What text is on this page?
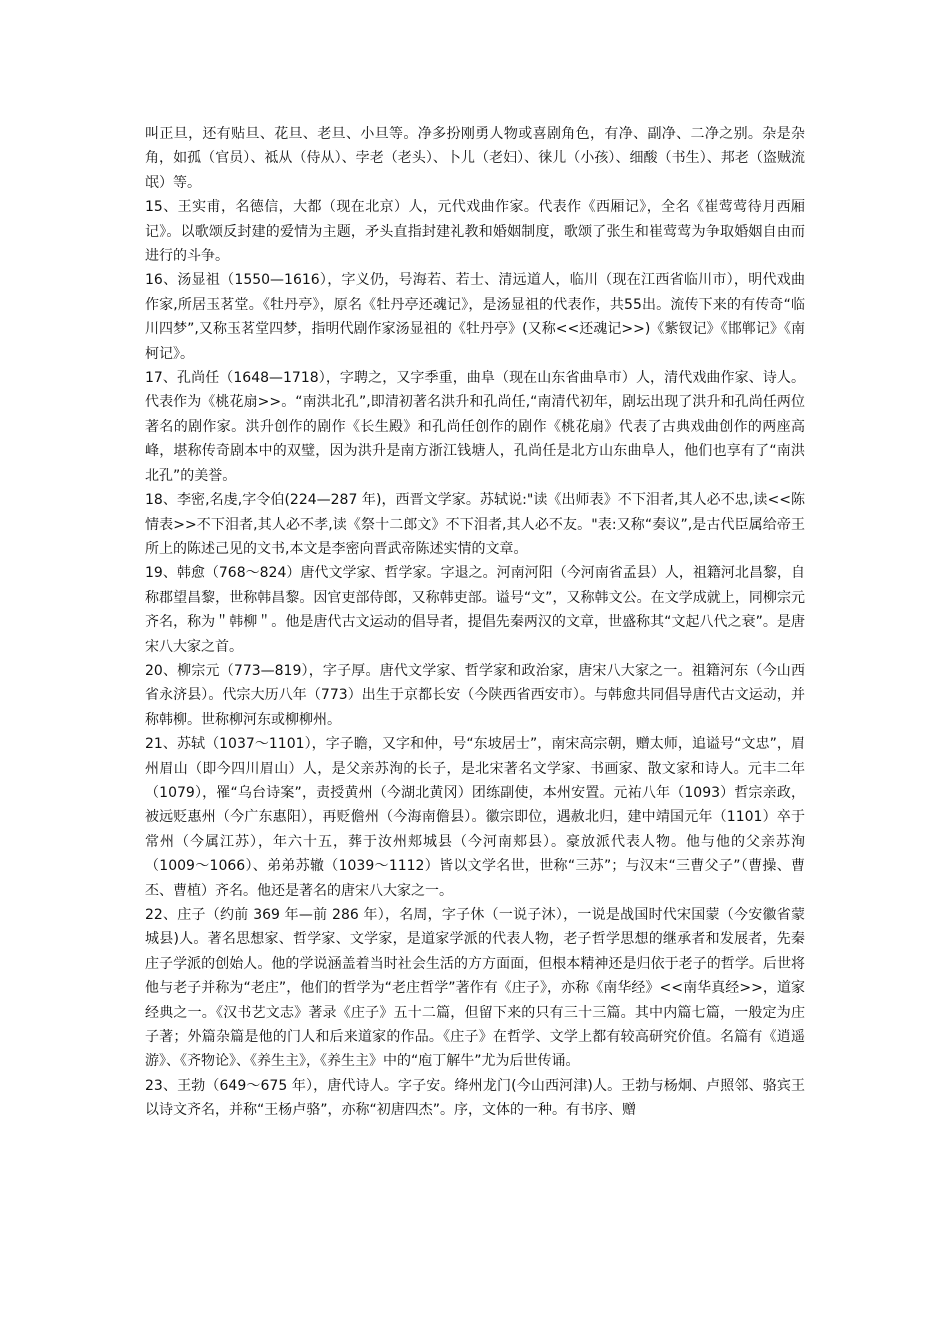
叫正旦，还有贴旦、花旦、老旦、小旦等。净多扮刚勇人物或喜剧角色，有净、副净、二净之别。杂是杂角，如孤（官员）、祗从（侍从）、孛老（老头）、卜儿（老妇）、徕儿（小孩）、细酸（书生）、邦老（盗贼流氓）等。

15、王实甫，名德信，大都（现在北京）人，元代戏曲作家。代表作《西厢记》，全名《崔莺莺待月西厢记》。以歌颂反封建的爱情为主题，矛头直指封建礼教和婚姻制度，歌颂了张生和崔莺莺为争取婚姻自由而进行的斗争。

16、汤显祖（1550—1616），字义仍，号海若、若士、清远道人，临川（现在江西省临川市），明代戏曲作家,所居玉茗堂。《牡丹亭》，原名《牡丹亭还魂记》，是汤显祖的代表作，共55出。流传下来的有传奇“临川四梦”,又称玉茗堂四梦，指明代剧作家汤显祖的《牡丹亭》(又称<<还魂记>>)《紫钗记》《邯郸记》《南柯记》。

17、孔尚任（1648—1718），字聘之，又字季重，曲阜（现在山东省曲阜市）人，清代戏曲作家、诗人。代表作为《桃花扇>>。“南洪北孔”,即清初著名洪升和孔尚任,“南清代初年，剧坛出现了洪升和孔尚任两位著名的剧作家。洪升创作的剧作《长生殿》和孔尚任创作的剧作《桃花扇》代表了古典戏曲创作的两座高峰，堪称传奇剧本中的双璧，因为洪升是南方浙江钱塘人，孔尚任是北方山东曲阜人，他们也享有了“南洪北孔”的美誉。

18、李密,名虔,字令伯(224—287 年)，西晋文学家。苏轼说:"读《出师表》不下泪者,其人必不忠,读<<陈情表>>不下泪者,其人必不孝,读《祭十二郎文》不下泪者,其人必不友。"表:又称“奏议”,是古代臣属给帝王所上的陈述己见的文书,本文是李密向晋武帝陈述实情的文章。

19、韩愈（768～824）唐代文学家、哲学家。字退之。河南河阳（今河南省孟县）人，祖籍河北昌黎，自称郡望昌黎，世称韩昌黎。因官吏部侍郎，又称韩吏部。谥号“文”，又称韩文公。在文学成就上，同柳宗元齐名，称为＂韩柳＂。他是唐代古文运动的倡导者，提倡先秦两汉的文章，世盛称其“文起八代之衰”。是唐宋八大家之首。

20、柳宗元（773—819），字子厚。唐代文学家、哲学家和政治家，唐宋八大家之一。祖籍河东（今山西省永济县）。代宗大历八年（773）出生于京都长安（今陕西省西安市）。与韩愈共同倡导唐代古文运动，并称韩柳。世称柳河东或柳柳州。

21、苏轼（1037～1101），字子瞻，又字和仲，号“东坡居士”，南宋高宗朝，赠太师，追谥号“文忠”，眉州眉山（即今四川眉山）人，是父亲苏洵的长子，是北宋著名文学家、书画家、散文家和诗人。元丰二年（1079），罹“乌台诗案”，责授黄州（今湖北黄冈）团练副使，本州安置。元祐八年（1093）哲宗亲政，被远贬惠州（今广东惠阳），再贬儋州（今海南儋县）。徽宗即位，遇赦北归，建中靖国元年（1101）卒于常州（今属江苏），年六十五，葬于汝州郏城县（今河南郏县）。豪放派代表人物。他与他的父亲苏洵（1009～1066）、弟弟苏辙（1039～1112）皆以文学名世，世称“三苏”；与汉末“三曹父子”（曹操、曹丕、曹植）齐名。他还是著名的唐宋八大家之一。

22、庄子（约前 369 年—前 286 年），名周，字子休（一说子沐），一说是战国时代宋国蒙（今安徽省蒙城县)人。著名思想家、哲学家、文学家，是道家学派的代表人物，老子哲学思想的继承者和发展者，先秦庄子学派的创始人。他的学说涵盖着当时社会生活的方方面面，但根本精神还是归依于老子的哲学。后世将他与老子并称为“老庄”，他们的哲学为“老庄哲学”著作有《庄子》，亦称《南华经》<<南华真经>>，道家经典之一。《汉书艺文志》著录《庄子》五十二篇，但留下来的只有三十三篇。其中内篇七篇，一般定为庄子著；外篇杂篇是他的门人和后来道家的作品。《庄子》在哲学、文学上都有较高研究价值。名篇有《逍遥游》、《齐物论》、《养生主》，《养生主》中的“庖丁解牛”尤为后世传诵。

23、王勃（649～675 年），唐代诗人。字子安。绛州龙门(今山西河津)人。王勃与杨炯、卢照邻、骆宾王以诗文齐名，并称“王杨卢骆”，亦称“初唐四杰”。序，文体的一种。有书序、赠
